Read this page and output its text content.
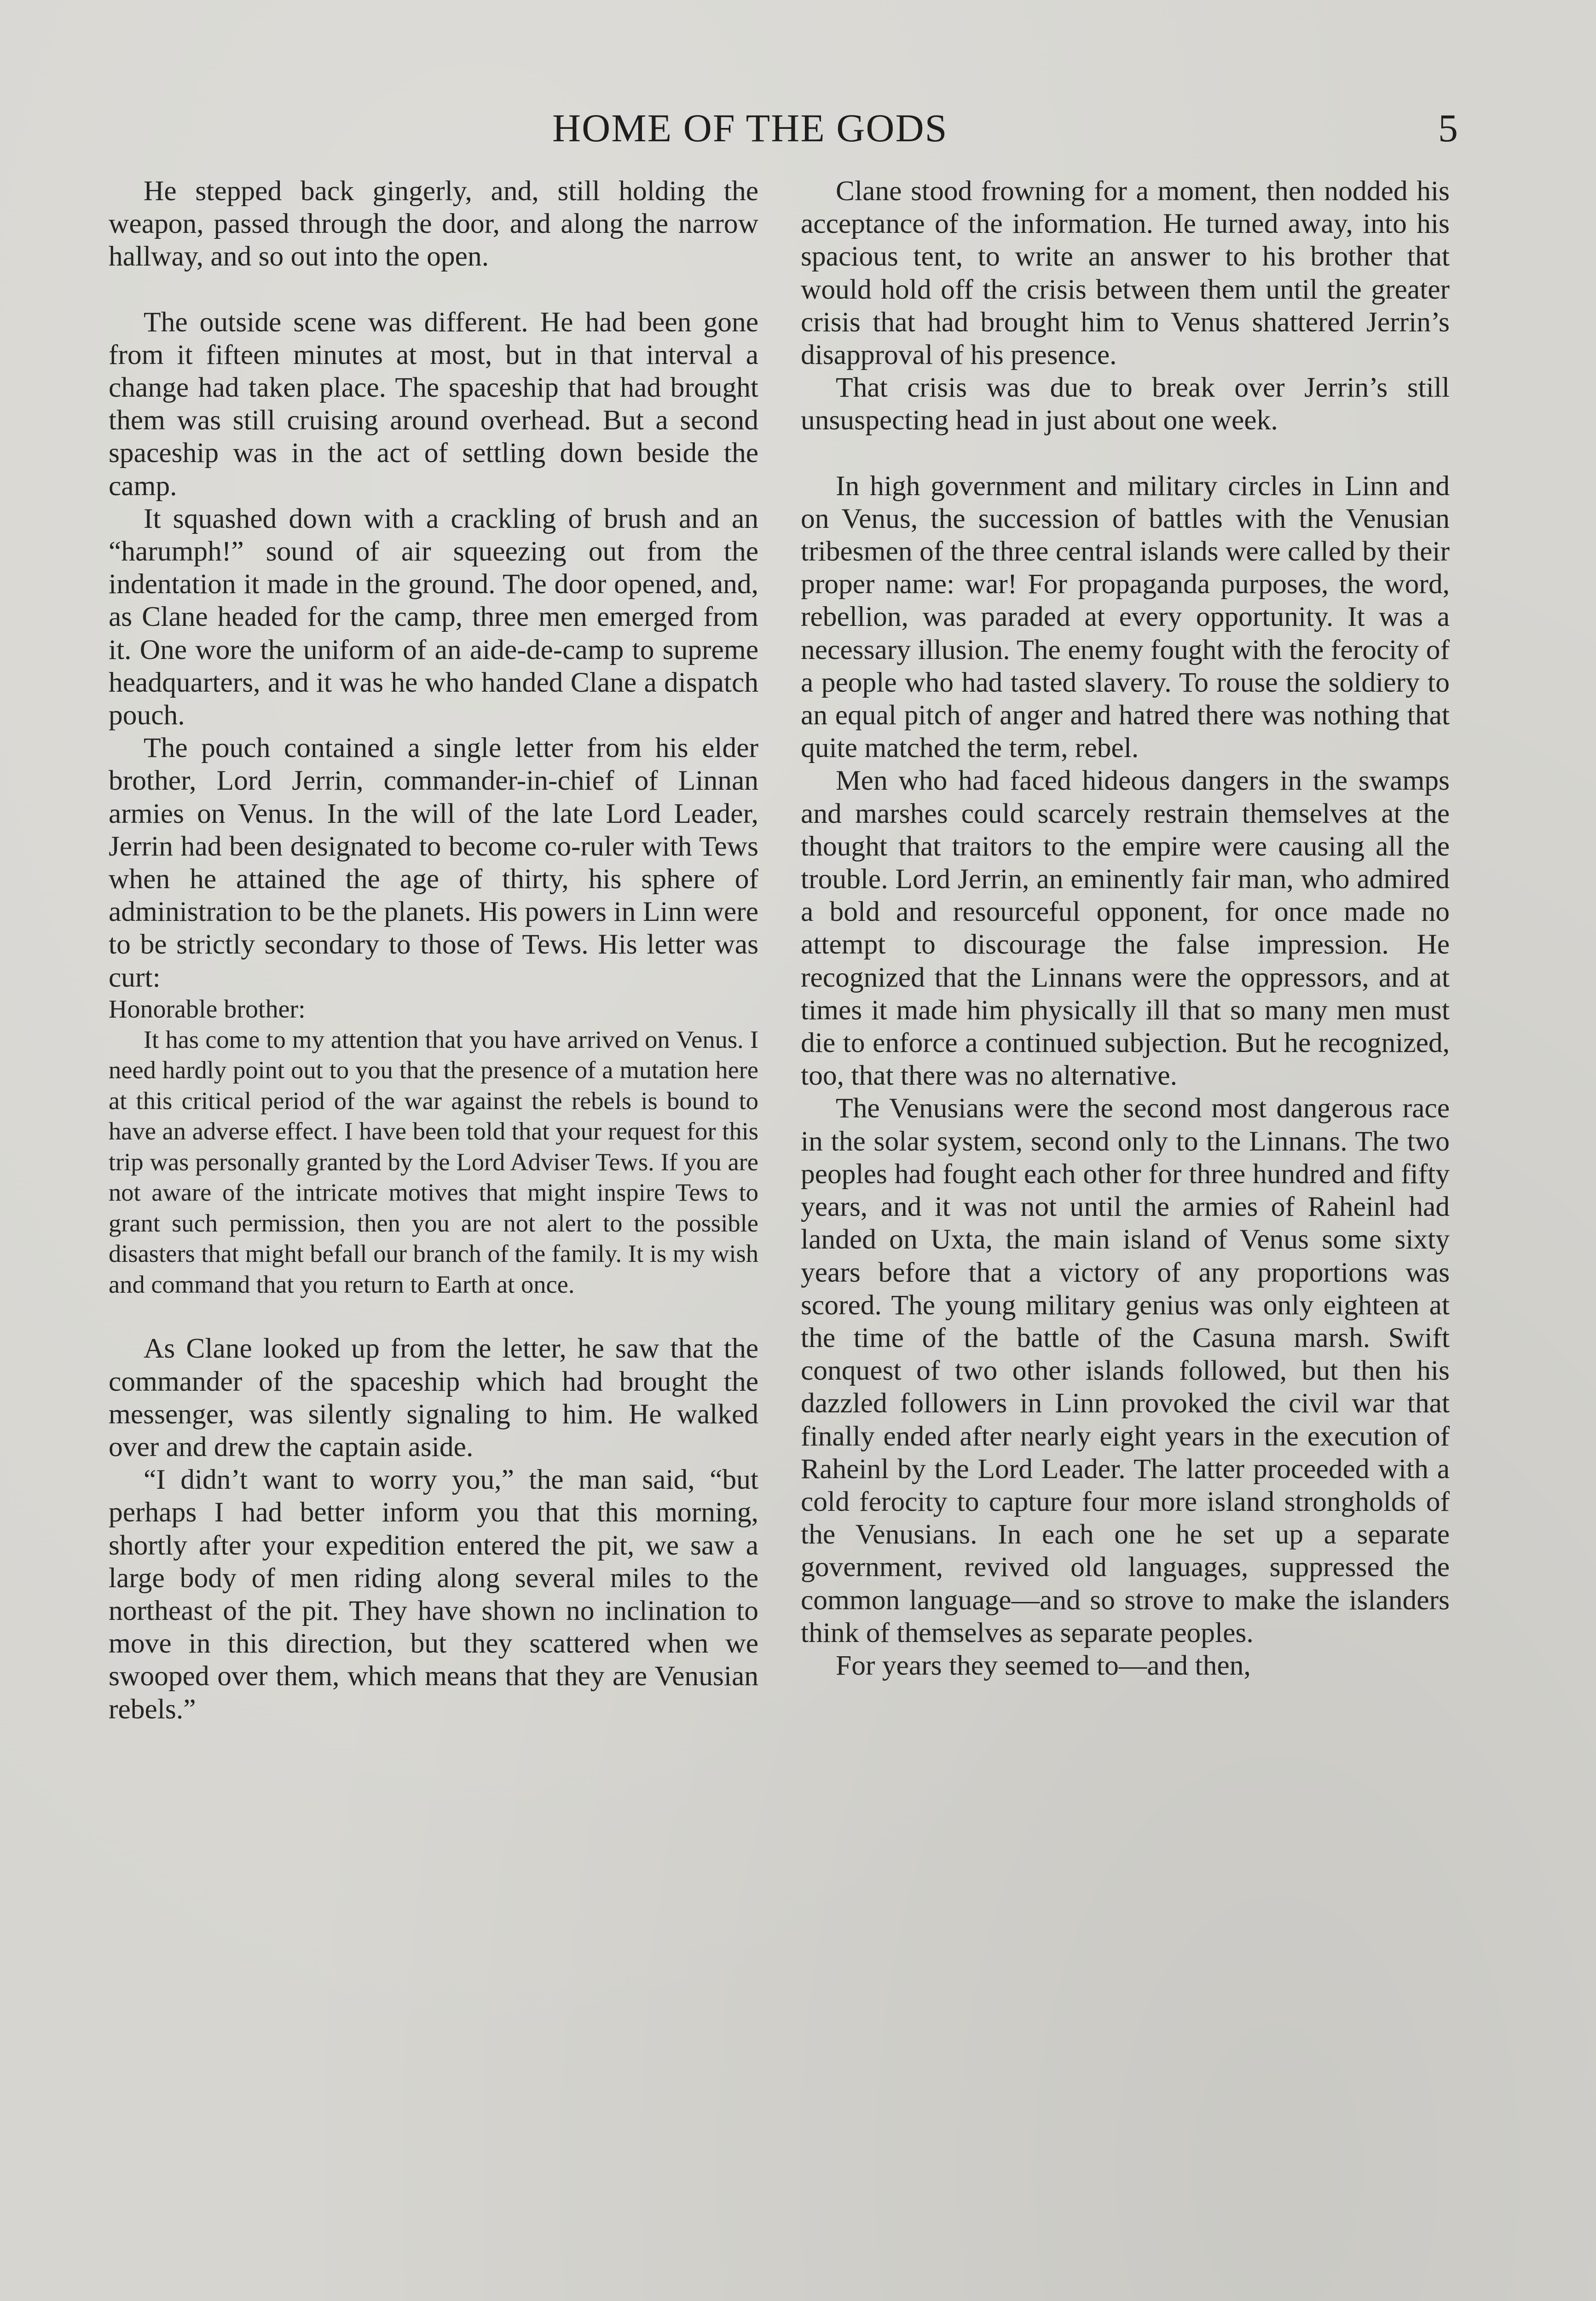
HOME OF THE GODS	5

He stepped back gingerly, and, still holding the weapon, passed through the door, and along the narrow hallway, and so out into the open.

The outside scene was different. He had been gone from it fifteen minutes at most, but in that interval a change had taken place. The spaceship that had brought them was still cruising around overhead. But a second spaceship was in the act of settling down beside the camp.

It squashed down with a crackling of brush and an “harumph!” sound of air squeezing out from the indentation it made in the ground. The door opened, and, as Clane headed for the camp, three men emerged from it. One wore the uniform of an aide-de-camp to supreme headquarters, and it was he who handed Clane a dispatch pouch.

The pouch contained a single letter from his elder brother, Lord Jerrin, commander-in-chief of Linnan armies on Venus. In the will of the late Lord Leader, Jerrin had been designated to become co-ruler with Tews when he attained the age of thirty, his sphere of administration to be the planets. His powers in Linn were to be strictly secondary to those of Tews. His letter was curt:

Honorable brother:

It has come to my attention that you have arrived on Venus. I need hardly point out to you that the presence of a mutation here at this critical period of the war against the rebels is bound to have an adverse effect. I have been told that your request for this trip was personally granted by the Lord Adviser Tews. If you are not aware of the intricate motives that might inspire Tews to grant such permission, then you are not alert to the possible disasters that might befall our branch of the family. It is my wish and command that you return to Earth at once.

As Clane looked up from the letter, he saw that the commander of the spaceship which had brought the messenger, was silently signaling to him. He walked over and drew the captain aside.

“I didn’t want to worry you,” the man said, “but perhaps I had better inform you that this morning, shortly after your expedition entered the pit, we saw a large body of men riding along several miles to the northeast of the pit. They have shown no inclination to move in this direction, but they scattered when we swooped over them, which means that they are Venusian rebels.”

Clane stood frowning for a moment, then nodded his acceptance of the information. He turned away, into his spacious tent, to write an answer to his brother that would hold off the crisis between them until the greater crisis that had brought him to Venus shattered Jerrin’s disapproval of his presence.

That crisis was due to break over Jerrin’s still unsuspecting head in just about one week.

In high government and military circles in Linn and on Venus, the succession of battles with the Venusian tribesmen of the three central islands were called by their proper name: war! For propaganda purposes, the word, rebellion, was paraded at every opportunity. It was a necessary illusion. The enemy fought with the ferocity of a people who had tasted slavery. To rouse the soldiery to an equal pitch of anger and hatred there was nothing that quite matched the term, rebel.

Men who had faced hideous dangers in the swamps and marshes could scarcely restrain themselves at the thought that traitors to the empire were causing all the trouble. Lord Jerrin, an eminently fair man, who admired a bold and resourceful opponent, for once made no attempt to discourage the false impression. He recognized that the Linnans were the oppressors, and at times it made him physically ill that so many men must die to enforce a continued subjection. But he recognized, too, that there was no alternative.

The Venusians were the second most dangerous race in the solar system, second only to the Linnans. The two peoples had fought each other for three hundred and fifty years, and it was not until the armies of Raheinl had landed on Uxta, the main island of Venus some sixty years before that a victory of any proportions was scored. The young military genius was only eighteen at the time of the battle of the Casuna marsh. Swift conquest of two other islands followed, but then his dazzled followers in Linn provoked the civil war that finally ended after nearly eight years in the execution of Raheinl by the Lord Leader. The latter proceeded with a cold ferocity to capture four more island strongholds of the Venusians. In each one he set up a separate government, revived old languages, suppressed the common language—and so strove to make the islanders think of themselves as separate peoples.

For years they seemed to—and then,
